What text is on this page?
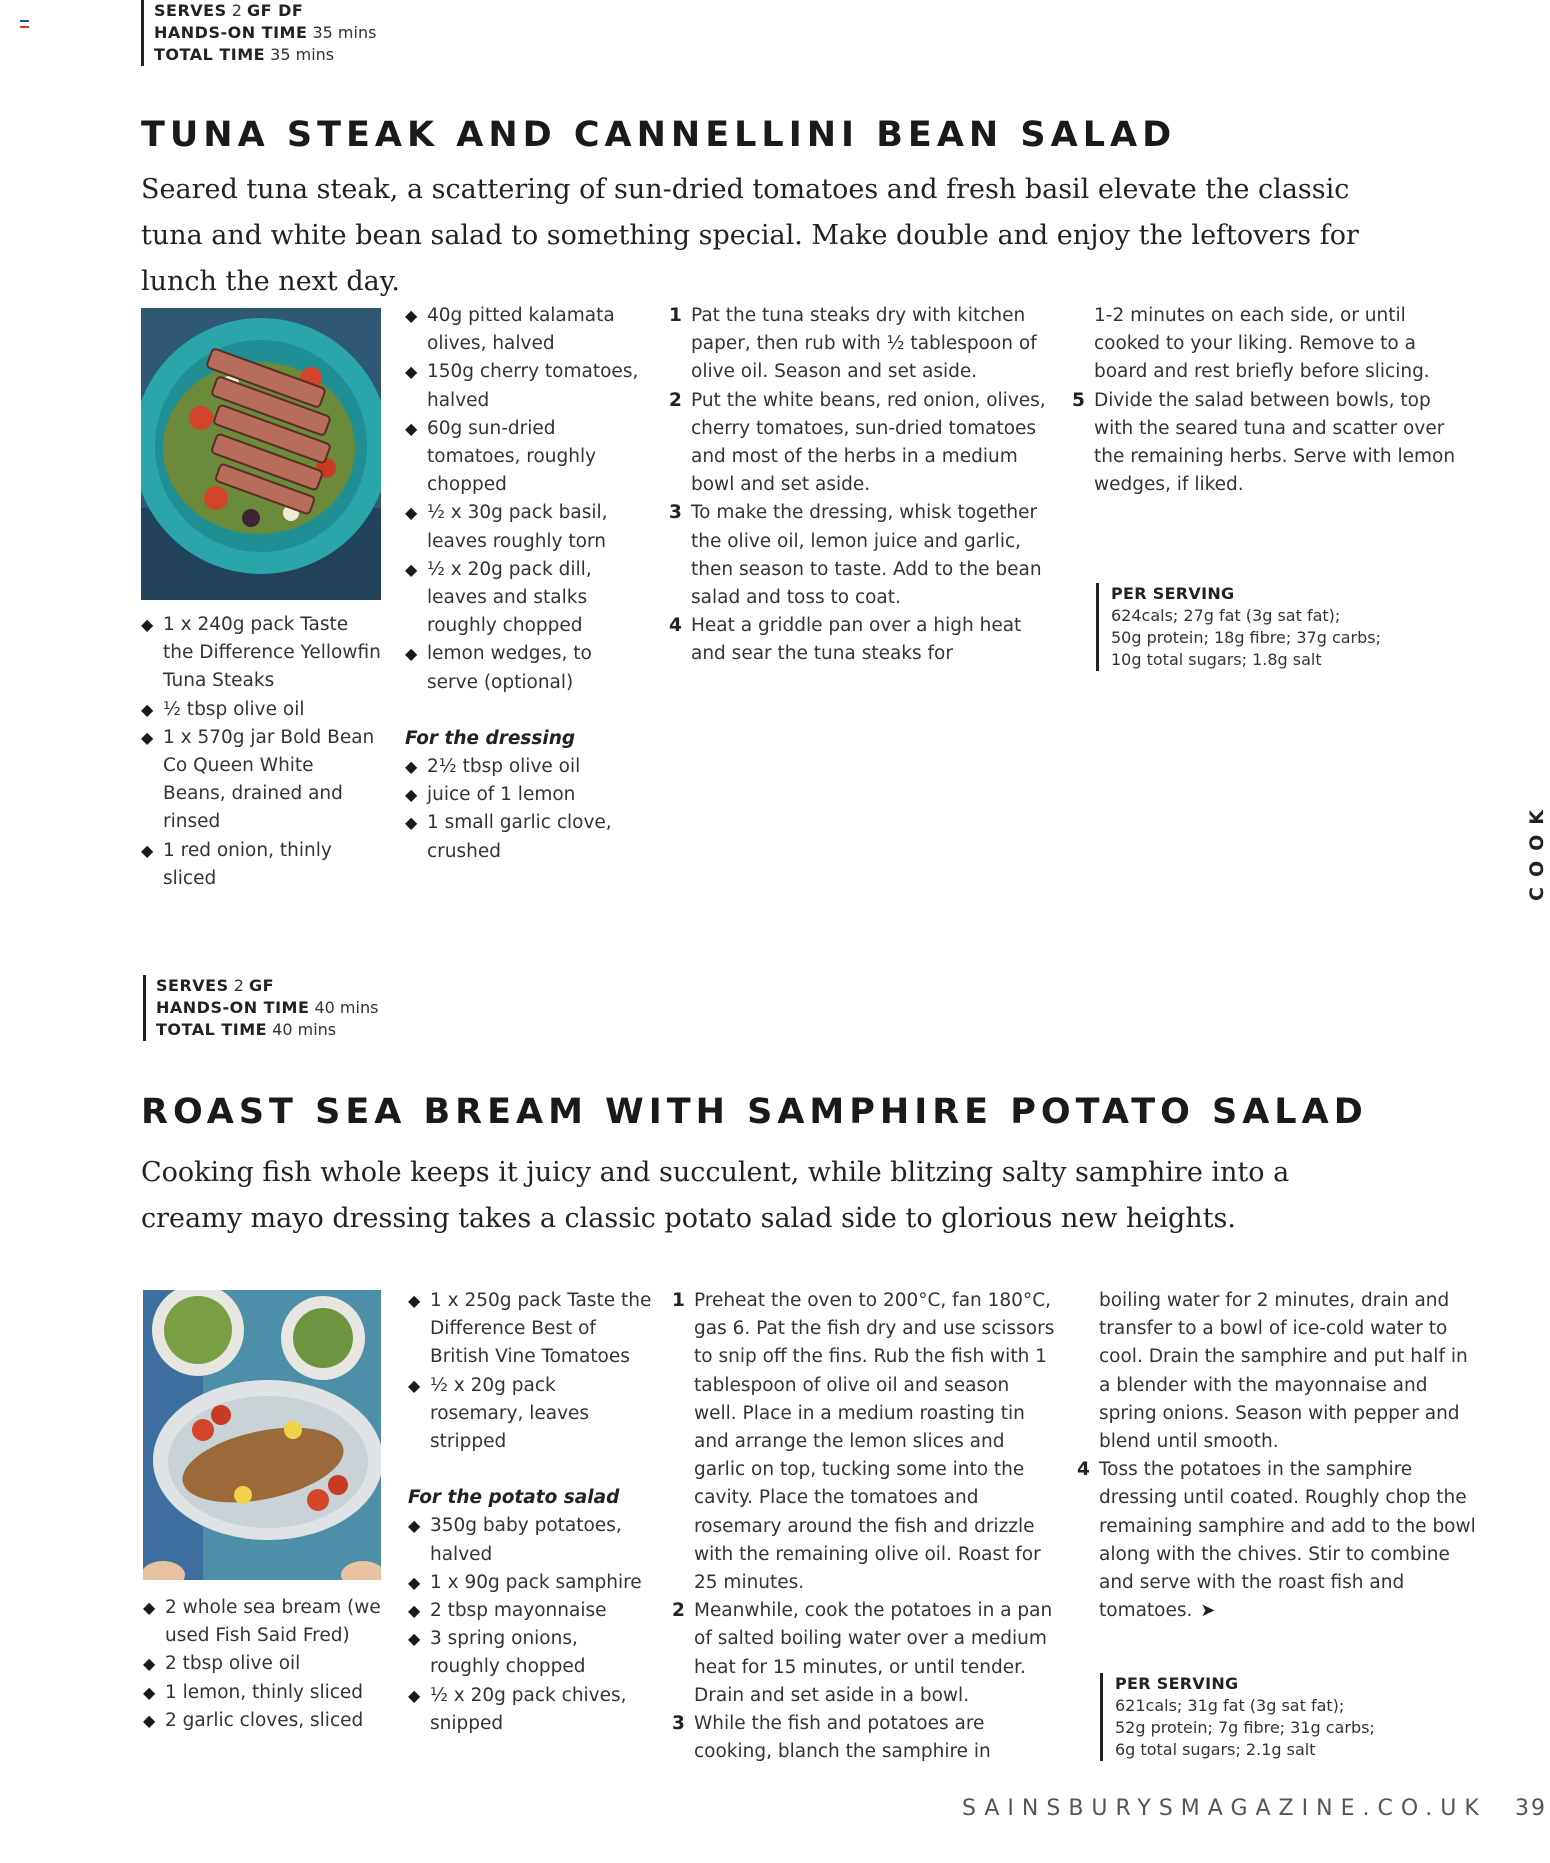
SERVES 2 GF DF
HANDS-ON TIME 35 mins
TOTAL TIME 35 mins
TUNA STEAK AND CANNELLINI BEAN SALAD

Seared tuna steak, a scattering of sun-dried tomatoes and fresh basil elevate the classic tuna and white bean salad to something special. Make double and enjoy the leftovers for lunch the next day.

◆ 1 x 240g pack Taste the Difference Yellowfin Tuna Steaks
◆ ½ tbsp olive oil
◆ 1 x 570g jar Bold Bean Co Queen White Beans, drained and rinsed
◆ 1 red onion, thinly sliced
◆ 40g pitted kalamata olives, halved
◆ 150g cherry tomatoes, halved
◆ 60g sun-dried tomatoes, roughly chopped
◆ ½ x 30g pack basil, leaves roughly torn
◆ ½ x 20g pack dill, leaves and stalks roughly chopped
◆ lemon wedges, to serve (optional)
For the dressing
◆ 2½ tbsp olive oil
◆ juice of 1 lemon
◆ 1 small garlic clove, crushed
1 Pat the tuna steaks dry with kitchen paper, then rub with ½ tablespoon of olive oil. Season and set aside.
2 Put the white beans, red onion, olives, cherry tomatoes, sun-dried tomatoes and most of the herbs in a medium bowl and set aside.
3 To make the dressing, whisk together the olive oil, lemon juice and garlic, then season to taste. Add to the bean salad and toss to coat.
4 Heat a griddle pan over a high heat and sear the tuna steaks for

1-2 minutes on each side, or until cooked to your liking. Remove to a board and rest briefly before slicing.

5 Divide the salad between bowls, top with the seared tuna and scatter over the remaining herbs. Serve with lemon wedges, if liked.
PER SERVING
624cals; 27g fat (3g sat fat);
50g protein; 18g fibre; 37g carbs;
10g total sugars; 1.8g salt
COOK
SERVES 2 GF
HANDS-ON TIME 40 mins
TOTAL TIME 40 mins
ROAST SEA BREAM WITH SAMPHIRE POTATO SALAD

Cooking fish whole keeps it juicy and succulent, while blitzing salty samphire into a creamy mayo dressing takes a classic potato salad side to glorious new heights.

◆ 2 whole sea bream (we used Fish Said Fred)
◆ 2 tbsp olive oil
◆ 1 lemon, thinly sliced
◆ 2 garlic cloves, sliced
◆ 1 x 250g pack Taste the Difference Best of British Vine Tomatoes
◆ ½ x 20g pack rosemary, leaves stripped
For the potato salad
◆ 350g baby potatoes, halved
◆ 1 x 90g pack samphire
◆ 2 tbsp mayonnaise
◆ 3 spring onions, roughly chopped
◆ ½ x 20g pack chives, snipped
1 Preheat the oven to 200°C, fan 180°C, gas 6. Pat the fish dry and use scissors to snip off the fins. Rub the fish with 1 tablespoon of olive oil and season well. Place in a medium roasting tin and arrange the lemon slices and garlic on top, tucking some into the cavity. Place the tomatoes and rosemary around the fish and drizzle with the remaining olive oil. Roast for 25 minutes.
2 Meanwhile, cook the potatoes in a pan of salted boiling water over a medium heat for 15 minutes, or until tender. Drain and set aside in a bowl.
3 While the fish and potatoes are cooking, blanch the samphire in

boiling water for 2 minutes, drain and transfer to a bowl of ice-cold water to cool. Drain the samphire and put half in a blender with the mayonnaise and spring onions. Season with pepper and blend until smooth.

4 Toss the potatoes in the samphire dressing until coated. Roughly chop the remaining samphire and add to the bowl along with the chives. Stir to combine and serve with the roast fish and tomatoes. ➤
PER SERVING
621cals; 31g fat (3g sat fat);
52g protein; 7g fibre; 31g carbs;
6g total sugars; 2.1g salt
SAINSBURYSMAGAZINE.CO.UK 39
